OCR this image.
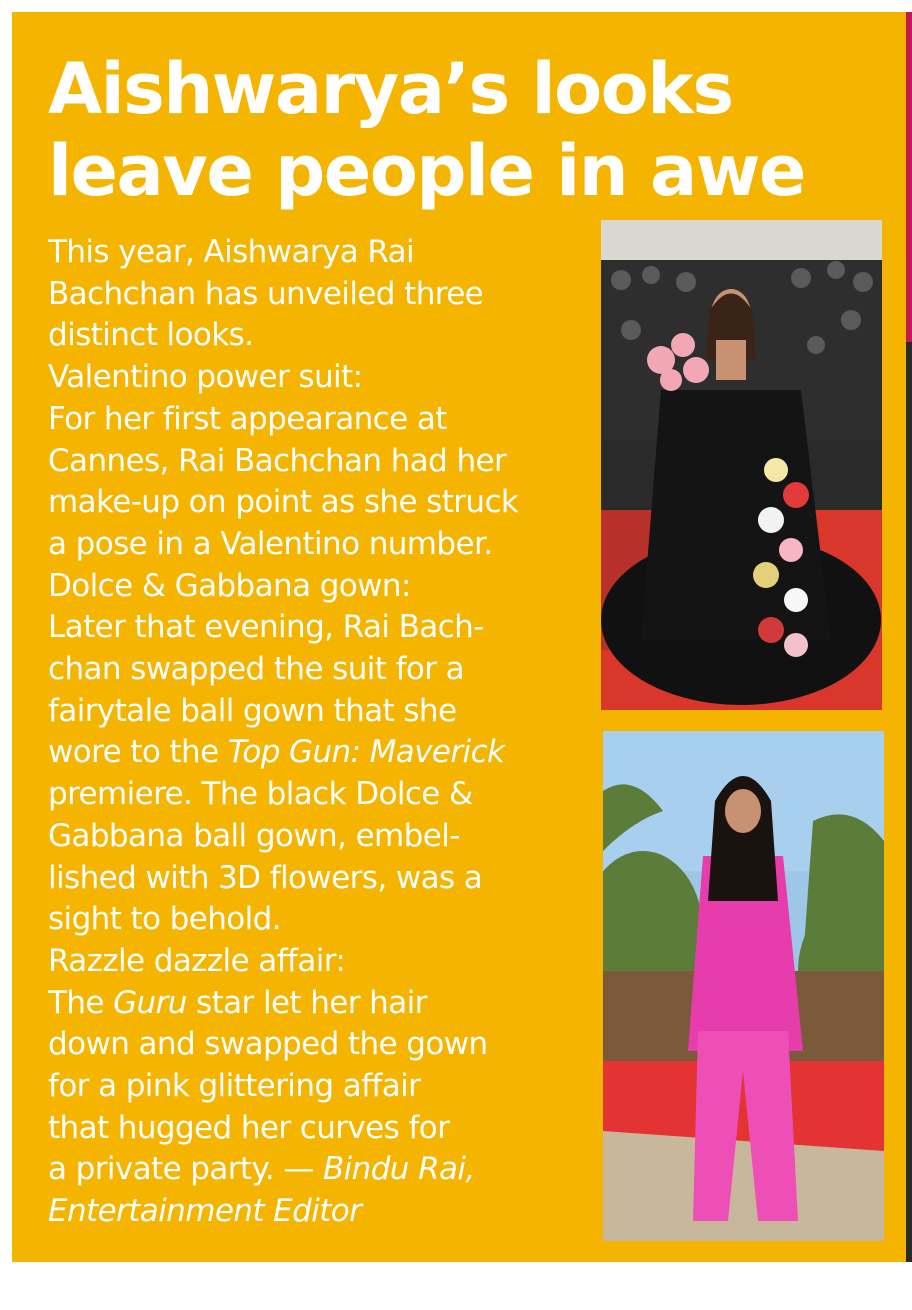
Aishwarya’s looks
leave people in awe
This year, Aishwarya Rai
Bachchan has unveiled three
distinct looks.
Valentino power suit:
For her first appearance at
Cannes, Rai Bachchan had her
make-up on point as she struck
a pose in a Valentino number.
Dolce & Gabbana gown:
Later that evening, Rai Bach-
chan swapped the suit for a
fairytale ball gown that she
wore to the Top Gun: Maverick
premiere. The black Dolce &
Gabbana ball gown, embel-
lished with 3D flowers, was a
sight to behold.
Razzle dazzle affair:
The Guru star let her hair
down and swapped the gown
for a pink glittering affair
that hugged her curves for
a private party. — Bindu Rai,
Entertainment Editor
